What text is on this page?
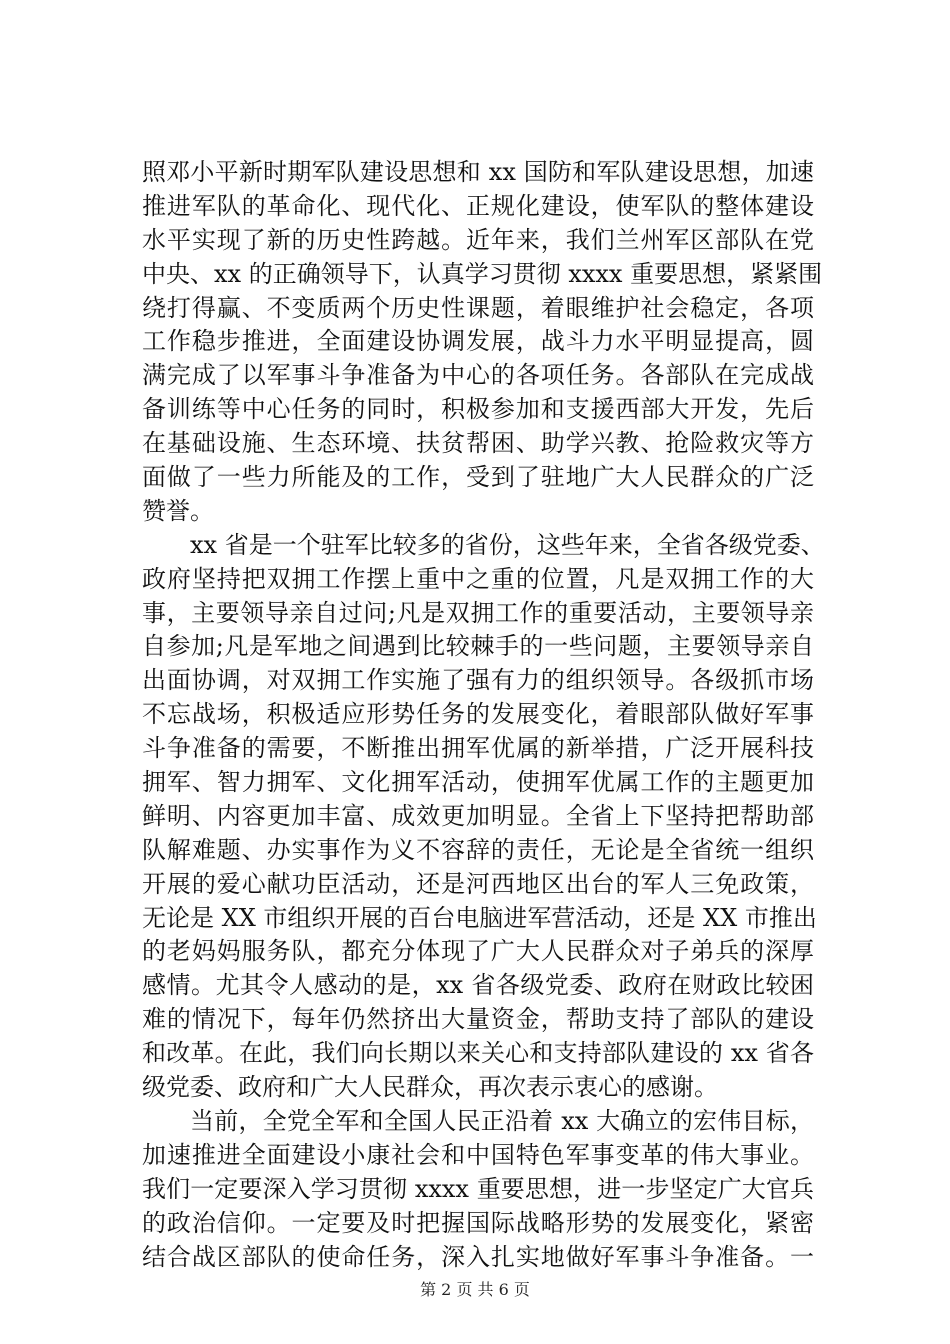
照邓小平新时期军队建设思想和 xx 国防和军队建设思想，加速
推进军队的革命化、现代化、正规化建设，使军队的整体建设
水平实现了新的历史性跨越。近年来，我们兰州军区部队在党
中央、xx 的正确领导下，认真学习贯彻 xxxx 重要思想，紧紧围
绕打得赢、不变质两个历史性课题，着眼维护社会稳定，各项
工作稳步推进，全面建设协调发展，战斗力水平明显提高，圆
满完成了以军事斗争准备为中心的各项任务。各部队在完成战
备训练等中心任务的同时，积极参加和支援西部大开发，先后
在基础设施、生态环境、扶贫帮困、助学兴教、抢险救灾等方
面做了一些力所能及的工作，受到了驻地广大人民群众的广泛
赞誉。
xx 省是一个驻军比较多的省份，这些年来，全省各级党委、
政府坚持把双拥工作摆上重中之重的位置，凡是双拥工作的大
事，主要领导亲自过问;凡是双拥工作的重要活动，主要领导亲
自参加;凡是军地之间遇到比较棘手的一些问题，主要领导亲自
出面协调，对双拥工作实施了强有力的组织领导。各级抓市场
不忘战场，积极适应形势任务的发展变化，着眼部队做好军事
斗争准备的需要，不断推出拥军优属的新举措，广泛开展科技
拥军、智力拥军、文化拥军活动，使拥军优属工作的主题更加
鲜明、内容更加丰富、成效更加明显。全省上下坚持把帮助部
队解难题、办实事作为义不容辞的责任，无论是全省统一组织
开展的爱心献功臣活动，还是河西地区出台的军人三免政策，
无论是 XX 市组织开展的百台电脑进军营活动，还是 XX 市推出
的老妈妈服务队，都充分体现了广大人民群众对子弟兵的深厚
感情。尤其令人感动的是，xx 省各级党委、政府在财政比较困
难的情况下，每年仍然挤出大量资金，帮助支持了部队的建设
和改革。在此，我们向长期以来关心和支持部队建设的 xx 省各
级党委、政府和广大人民群众，再次表示衷心的感谢。
当前，全党全军和全国人民正沿着 xx 大确立的宏伟目标，
加速推进全面建设小康社会和中国特色军事变革的伟大事业。
我们一定要深入学习贯彻 xxxx 重要思想，进一步坚定广大官兵
的政治信仰。一定要及时把握国际战略形势的发展变化，紧密
结合战区部队的使命任务，深入扎实地做好军事斗争准备。一
第 2 页 共 6 页
